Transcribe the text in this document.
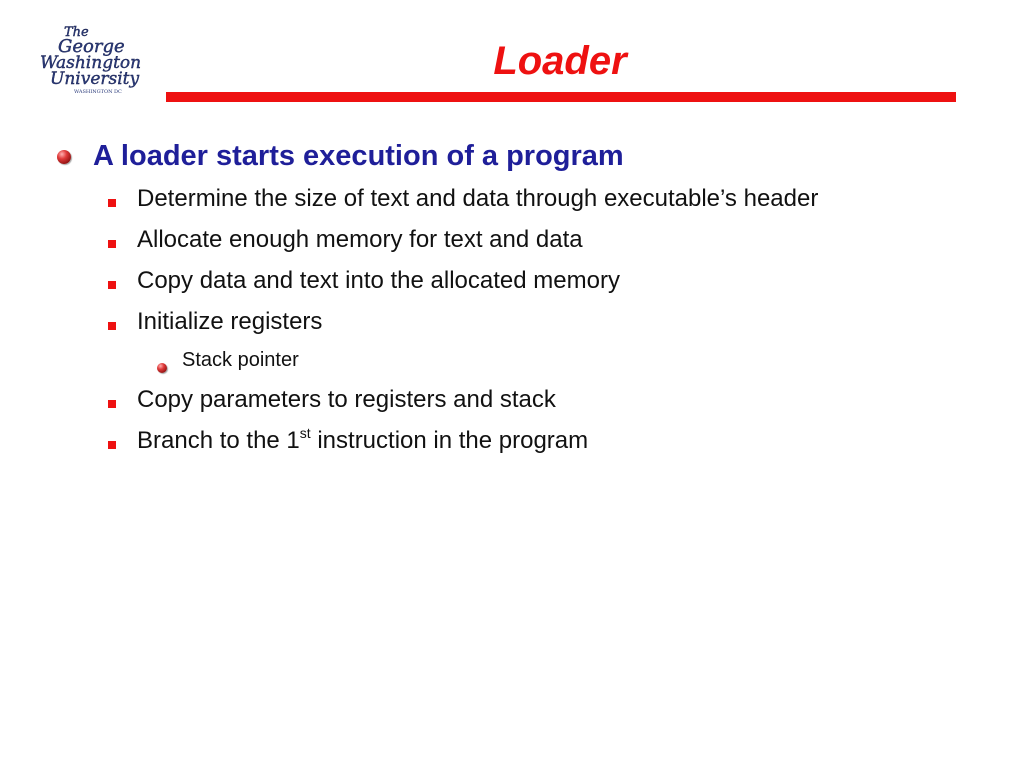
The
George
Washington
University
WASHINGTON DC
Loader
A loader starts execution of a program
Determine the size of text and data through executable’s header
Allocate enough memory for text and data
Copy data and text into the allocated memory
Initialize registers
Stack pointer
Copy parameters to registers and stack
Branch to the 1st instruction in the program
